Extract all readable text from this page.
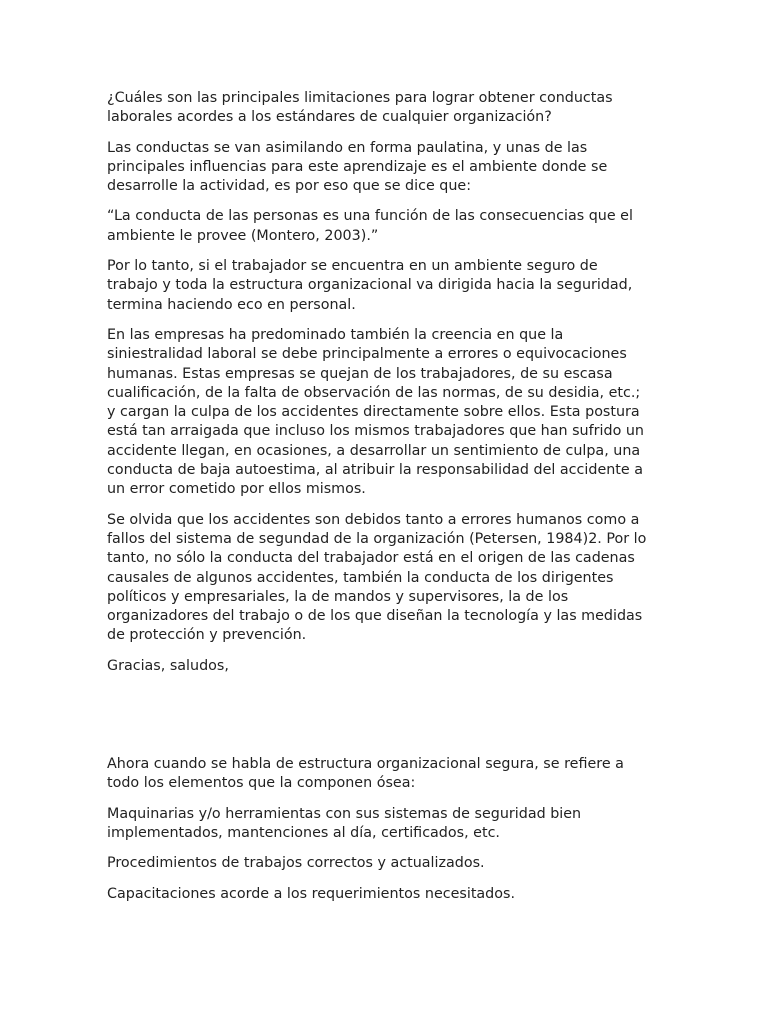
¿Cuáles son las principales limitaciones para lograr obtener conductas laborales acordes a los estándares de cualquier organización?

Las conductas se van asimilando en forma paulatina, y unas de las principales influencias para este aprendizaje es el ambiente donde se desarrolle la actividad, es por eso que se dice que:

“La conducta de las personas es una función de las consecuencias que el ambiente le provee (Montero, 2003).”

Por lo tanto, si el trabajador se encuentra en un ambiente seguro de trabajo y toda la estructura organizacional va dirigida hacia la seguridad, termina haciendo eco en personal.

En las empresas ha predominado también la creencia en que la siniestralidad laboral se debe principalmente a errores o equivocaciones humanas. Estas empresas se quejan de los trabajadores, de su escasa cualificación, de la falta de observación de las normas, de su desidia, etc.; y cargan la culpa de los accidentes directamente sobre ellos. Esta postura está tan arraigada que incluso los mismos trabajadores que han sufrido un accidente llegan, en ocasiones, a desarrollar un sentimiento de culpa, una conducta de baja autoestima, al atribuir la responsabilidad del accidente a un error cometido por ellos mismos.

Se olvida que los accidentes son debidos tanto a errores humanos como a fallos del sistema de segundad de la organización (Petersen, 1984)2. Por lo tanto, no sólo la conducta del trabajador está en el origen de las cadenas causales de algunos accidentes, también la conducta de los dirigentes políticos y empresariales, la de mandos y supervisores, la de los organizadores del trabajo o de los que diseñan la tecnología y las medidas de protección y prevención.

Gracias, saludos,

Ahora cuando se habla de estructura organizacional segura, se refiere a todo los elementos que la componen ósea:

Maquinarias y/o herramientas con sus sistemas de seguridad bien implementados, mantenciones al día, certificados, etc.

Procedimientos de trabajos correctos y actualizados.

Capacitaciones acorde a los requerimientos necesitados.
